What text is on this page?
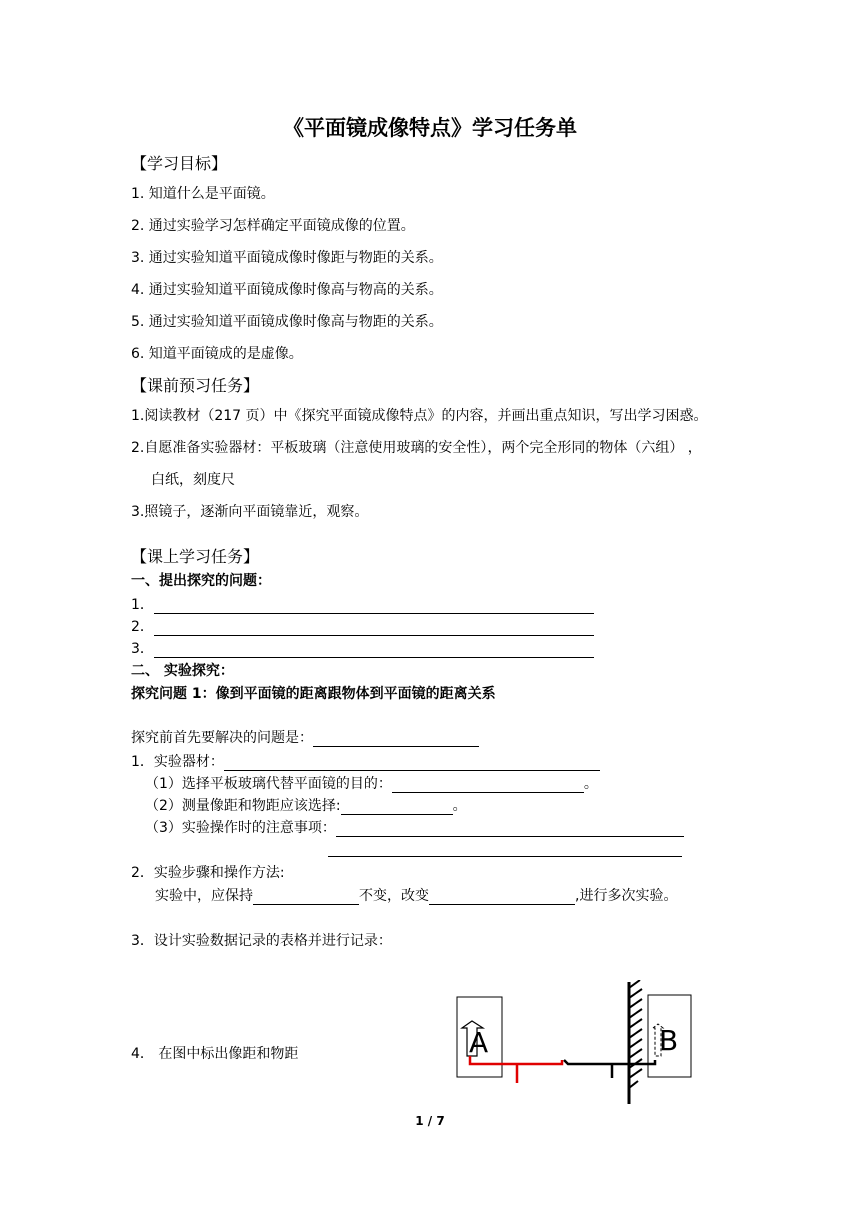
《平面镜成像特点》学习任务单
【学习目标】
1. 知道什么是平面镜。
2. 通过实验学习怎样确定平面镜成像的位置。
3. 通过实验知道平面镜成像时像距与物距的关系。
4. 通过实验知道平面镜成像时像高与物高的关系。
5. 通过实验知道平面镜成像时像高与物距的关系。
6. 知道平面镜成的是虚像。
【课前预习任务】
1.阅读教材（217 页）中《探究平面镜成像特点》的内容，并画出重点知识，写出学习困惑。
2.自愿准备实验器材：平板玻璃（注意使用玻璃的安全性），两个完全形同的物体（六组） ，
白纸，刻度尺
3.照镜子，逐渐向平面镜靠近，观察。
【课上学习任务】
一、提出探究的问题：
1．
2．
3．
二、 实验探究：
探究问题 1：像到平面镜的距离跟物体到平面镜的距离关系
探究前首先要解决的问题是：
1．实验器材：
（1）选择平板玻璃代替平面镜的目的：	。
（2）测量像距和物距应该选择:	。
（3）实验操作时的注意事项：
2．实验步骤和操作方法:
实验中，应保持	不变，改变	,进行多次实验。
3．设计实验数据记录的表格并进行记录：
4． 在图中标出像距和物距	A	B
1 / 7
